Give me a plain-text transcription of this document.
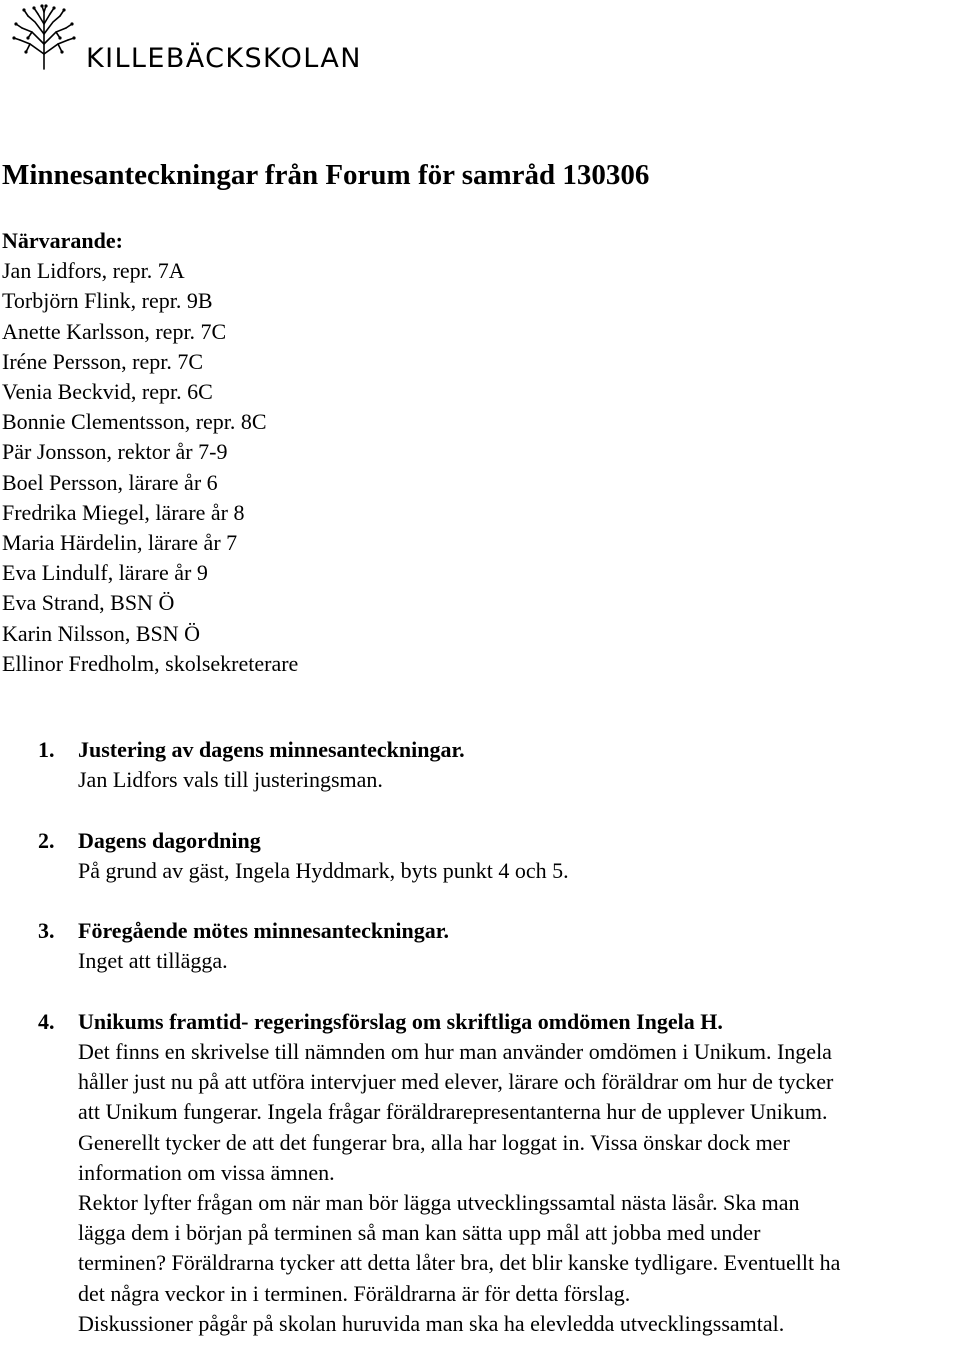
KILLEBÄCKSKOLAN
Minnesanteckningar från Forum för samråd 130306
Närvarande:
Jan Lidfors, repr. 7A
Torbjörn Flink, repr. 9B
Anette Karlsson, repr. 7C
Iréne Persson, repr. 7C
Venia Beckvid, repr. 6C
Bonnie Clementsson, repr. 8C
Pär Jonsson, rektor år 7-9
Boel Persson, lärare år 6
Fredrika Miegel, lärare år 8
Maria Härdelin, lärare år 7
Eva Lindulf, lärare år 9
Eva Strand, BSN Ö
Karin Nilsson, BSN Ö
Ellinor Fredholm, skolsekreterare
1. Justering av dagens minnesanteckningar.
Jan Lidfors vals till justeringsman.
2. Dagens dagordning
På grund av gäst, Ingela Hyddmark, byts punkt 4 och 5.
3. Föregående mötes minnesanteckningar.
Inget att tillägga.
4. Unikums framtid- regeringsförslag om skriftliga omdömen Ingela H.
Det finns en skrivelse till nämnden om hur man använder omdömen i Unikum. Ingela
håller just nu på att utföra intervjuer med elever, lärare och föräldrar om hur de tycker
att Unikum fungerar. Ingela frågar föräldrarepresentanterna hur de upplever Unikum.
Generellt tycker de att det fungerar bra, alla har loggat in. Vissa önskar dock mer
information om vissa ämnen.
Rektor lyfter frågan om när man bör lägga utvecklingssamtal nästa läsår. Ska man
lägga dem i början på terminen så man kan sätta upp mål att jobba med under
terminen? Föräldrarna tycker att detta låter bra, det blir kanske tydligare. Eventuellt ha
det några veckor in i terminen. Föräldrarna är för detta förslag.
Diskussioner pågår på skolan huruvida man ska ha elevledda utvecklingssamtal.
